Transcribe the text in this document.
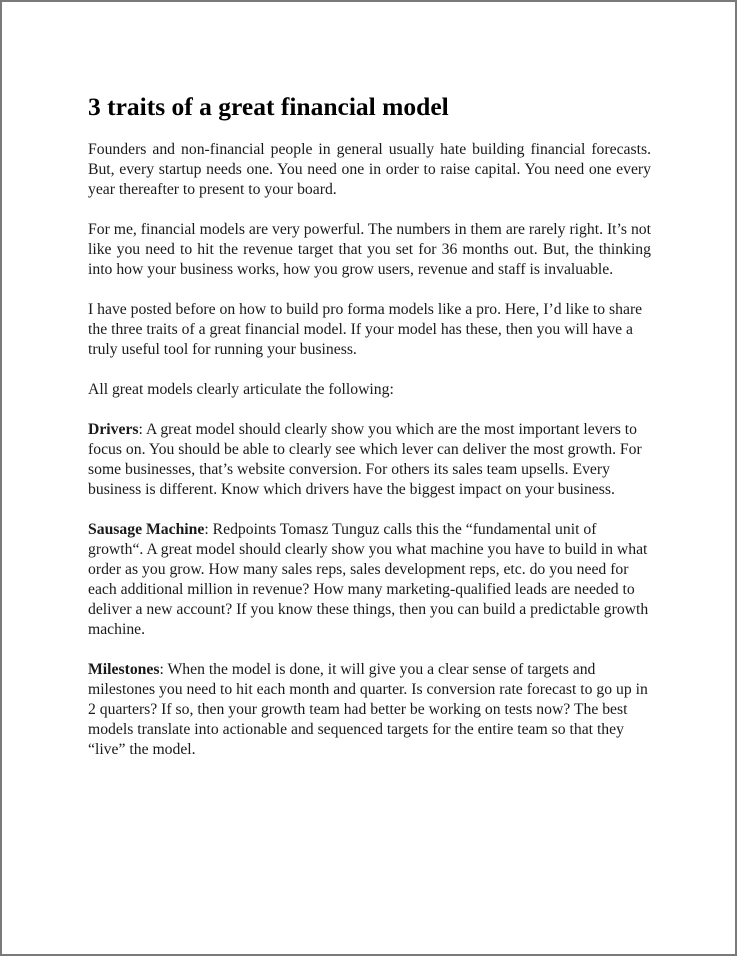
3 traits of a great financial model

Founders and non-financial people in general usually hate building financial forecasts. But, every startup needs one. You need one in order to raise capital. You need one every year thereafter to present to your board.

For me, financial models are very powerful. The numbers in them are rarely right. It’s not like you need to hit the revenue target that you set for 36 months out. But, the thinking into how your business works, how you grow users, revenue and staff is invaluable.

I have posted before on how to build pro forma models like a pro. Here, I’d like to share the three traits of a great financial model. If your model has these, then you will have a truly useful tool for running your business.

All great models clearly articulate the following:

Drivers: A great model should clearly show you which are the most important levers to focus on. You should be able to clearly see which lever can deliver the most growth. For some businesses, that’s website conversion. For others its sales team upsells. Every business is different. Know which drivers have the biggest impact on your business.

Sausage Machine: Redpoints Tomasz Tunguz calls this the “fundamental unit of growth“. A great model should clearly show you what machine you have to build in what order as you grow. How many sales reps, sales development reps, etc. do you need for each additional million in revenue? How many marketing-qualified leads are needed to deliver a new account? If you know these things, then you can build a predictable growth machine.

Milestones: When the model is done, it will give you a clear sense of targets and milestones you need to hit each month and quarter. Is conversion rate forecast to go up in 2 quarters? If so, then your growth team had better be working on tests now? The best models translate into actionable and sequenced targets for the entire team so that they “live” the model.
